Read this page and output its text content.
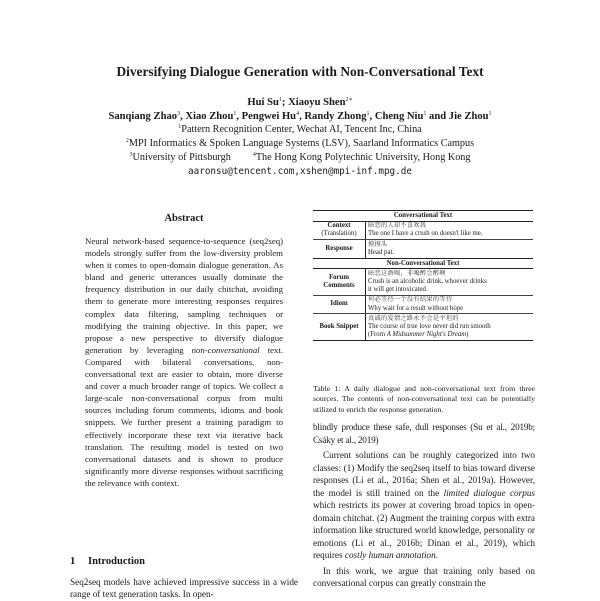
Diversifying Dialogue Generation with Non-Conversational Text
Hui Su$^1$; Xiaoyu Shen$^{2∗}$
Sanqiang Zhao$^3$, Xiao Zhou$^1$, Pengwei Hu$^4$, Randy Zhong$^1$, Cheng Niu$^1$ and Jie Zhou$^1$
$^1$Pattern Recognition Center, Wechat AI, Tencent Inc, China
$^2$MPI Informatics & Spoken Language Systems (LSV), Saarland Informatics Campus
$^3$University of Pittsburgh	$^4$The Hong Kong Polytechnic University, Hong Kong
aaronsu@tencent.com,xshen@mpi-inf.mpg.de
Abstract
Neural network-based sequence-to-sequence (seq2seq) models strongly suffer from the low-diversity problem when it comes to open-domain dialogue generation. As bland and generic utterances usually dominate the frequency distribution in our daily chitchat, avoiding them to generate more interesting responses requires complex data filtering, sampling techniques or modifying the training objective. In this paper, we propose a new perspective to diversify dialogue generation by leveraging non-conversational text. Compared with bilateral conversations, non-conversational text are easier to obtain, more diverse and cover a much broader range of topics. We collect a large-scale non-conversational corpus from multi sources including forum comments, idioms and book snippets. We further present a training paradigm to effectively incorporate these text via iterative back translation. The resulting model is tested on two conversational datasets and is shown to produce significantly more diverse responses without sacrificing the relevance with context.
1 Introduction
Seq2seq models have achieved impressive success in a wide range of text generation tasks. In open-
Conversational Text	
Context
(Translation)	暗恋的人却不喜欢我
The one I have a crush on doesn't like me.
Response	摸摸头
Head pat.
Non-Conversational Text	
Forum Comments	暗恋这酒喝，非喝醉会醉啊
Crush is an alcoholic drink, whoever drinks
it will get intoxicated.
Idiom	何必等待一个没有结果的等待
Why wait for a result without hope
Book Snippet	真诚的爱情之路永不会是平坦的
The course of true love never did run smooth
(From A Midsummer Night's Dream)
Table 1: A daily dialogue and non-conversational text from three sources. The contents of non-conversational text can be potentially utilized to enrich the response generation.

blindly produce these safe, dull responses (Su et al., 2019b; Csáky et al., 2019)

Current solutions can be roughly categorized into two classes: (1) Modify the seq2seq itself to bias toward diverse responses (Li et al., 2016a; Shen et al., 2019a). However, the model is still trained on the limited dialogue corpus which restricts its power at covering broad topics in open-domain chitchat. (2) Augment the training corpus with extra information like structured world knowledge, personality or emotions (Li et al., 2016b; Dinan et al., 2019), which requires costly human annotation.

In this work, we argue that training only based on conversational corpus can greatly constrain the
